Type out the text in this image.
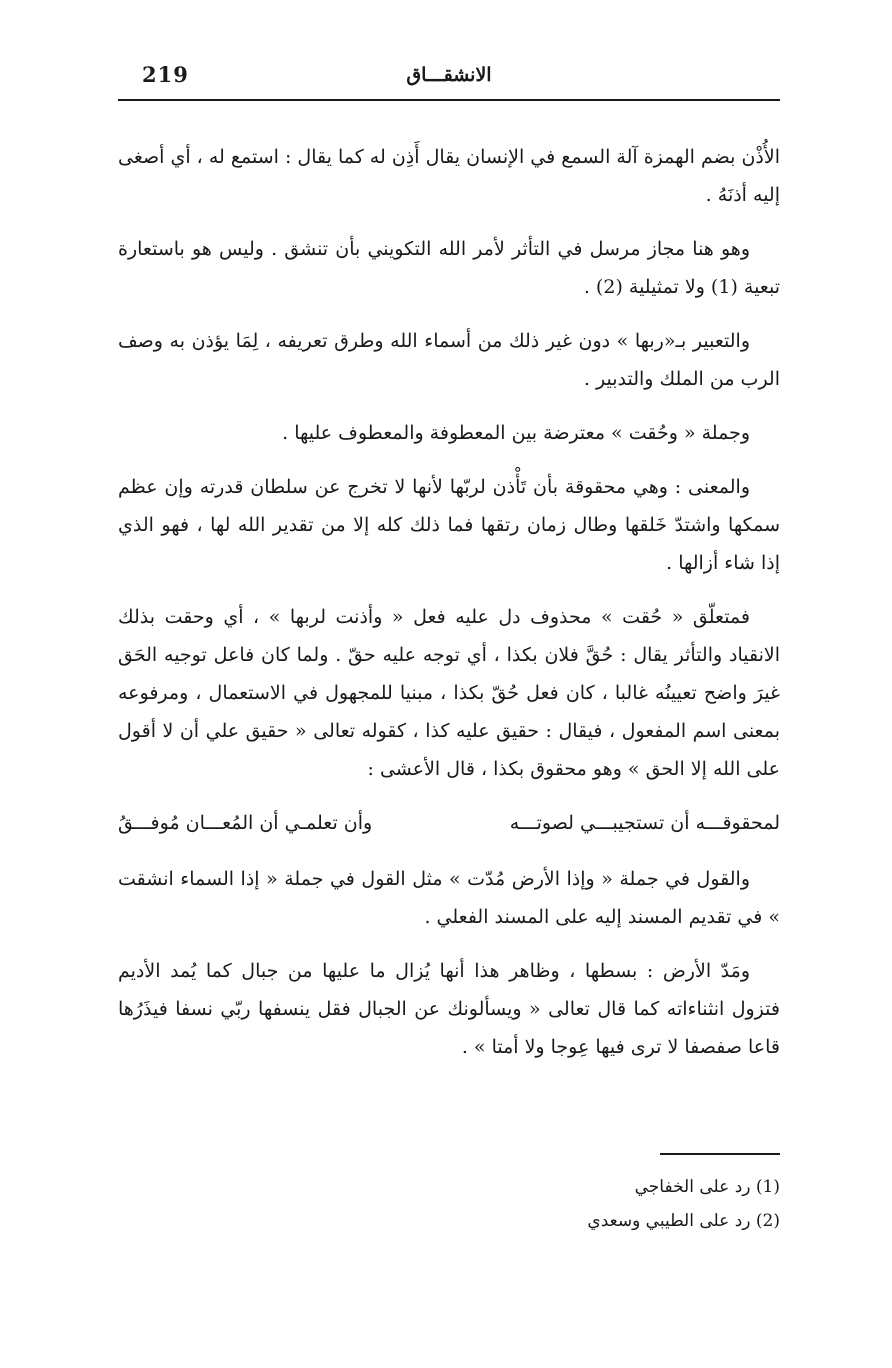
219	الانشقـــاق

الأُذْن بضم الهمزة آلة السمع في الإنسان يقال أَذِن له كما يقال : استمع له ، أي أصغى إليه أذنَهُ .

وهو هنا مجاز مرسل في التأثر لأمر الله التكويني بأن تنشق . وليس هو باستعارة تبعية (1) ولا تمثيلية (2) .

والتعبير بـ«ربها » دون غير ذلك من أسماء الله وطرق تعريفه ، لِمَا يؤذن به وصف الرب من الملك والتدبير .

وجملة « وحُقت » معترضة بين المعطوفة والمعطوف عليها .

والمعنى : وهي محقوقة بأن تَأْذن لربّها لأنها لا تخرج عن سلطان قدرته وإن عظم سمكها واشتدّ خَلقها وطال زمان رتقها فما ذلك كله إلا من تقدير الله لها ، فهو الذي إذا شاء أزالها .

فمتعلّق « حُقت » محذوف دل عليه فعل « وأذنت لربها » ، أي وحقت بذلك الانقياد والتأثر يقال : حُقَّ فلان بكذا ، أي توجه عليه حقّ . ولما كان فاعل توجيه الحَق غيرَ واضح تعيينُه غالبا ، كان فعل حُقّ بكذا ، مبنيا للمجهول في الاستعمال ، ومرفوعه بمعنى اسم المفعول ، فيقال : حقيق عليه كذا ، كقوله تعالى « حقيق علي أن لا أقول على الله إلا الحق » وهو محقوق بكذا ، قال الأعشى :

لمحقوقـــه أن تستجيبـــي لصوتـــه
وأن تعلمـي أن المُعـــان مُوفـــقُ

والقول في جملة « وإذا الأرض مُدّت » مثل القول في جملة « إذا السماء انشقت » في تقديم المسند إليه على المسند الفعلي .

ومَدّ الأرض : بسطها ، وظاهر هذا أنها يُزال ما عليها من جبال كما يُمد الأديم فتزول انثناءاته كما قال تعالى « ويسألونك عن الجبال فقل ينسفها ربّي نسفا فيذَرُها قاعا صفصفا لا ترى فيها عِوجا ولا أمتا » .

(1) رد على الخفاجي

(2) رد على الطيبي وسعدي
